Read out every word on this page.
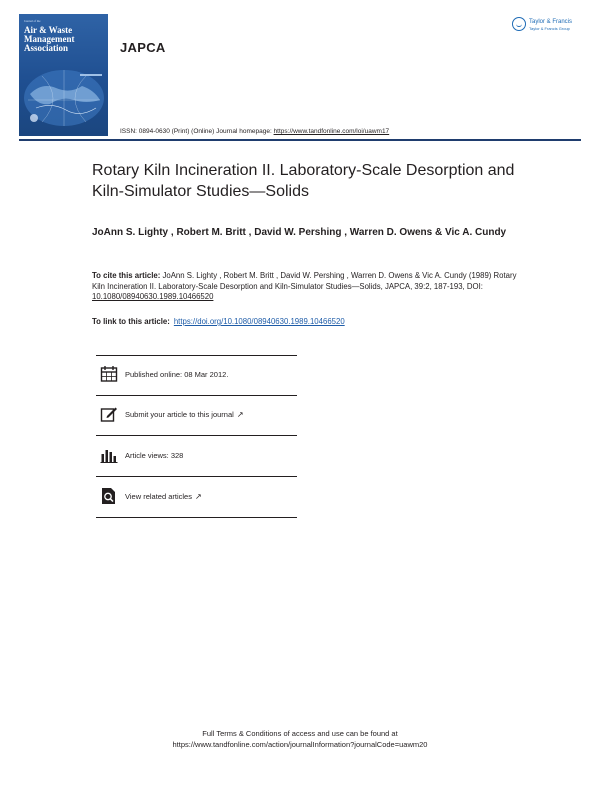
Journal of the
Air & Waste
Management
Association	JAPCA
Taylor & Francis
Taylor & Francis Group
ISSN: 0894-0630 (Print) (Online) Journal homepage: https://www.tandfonline.com/loi/uawm17
Rotary Kiln Incineration II. Laboratory-Scale Desorption and Kiln-Simulator Studies—Solids
JoAnn S. Lighty , Robert M. Britt , David W. Pershing , Warren D. Owens & Vic A. Cundy
To cite this article: JoAnn S. Lighty , Robert M. Britt , David W. Pershing , Warren D. Owens & Vic A. Cundy (1989) Rotary Kiln Incineration II. Laboratory-Scale Desorption and Kiln-Simulator Studies—Solids, JAPCA, 39:2, 187-193, DOI: 10.1080/08940630.1989.10466520
To link to this article: https://doi.org/10.1080/08940630.1989.10466520
Published online: 08 Mar 2012.
Submit your article to this journal ↗
Article views: 328
View related articles ↗
Full Terms & Conditions of access and use can be found at
https://www.tandfonline.com/action/journalInformation?journalCode=uawm20
